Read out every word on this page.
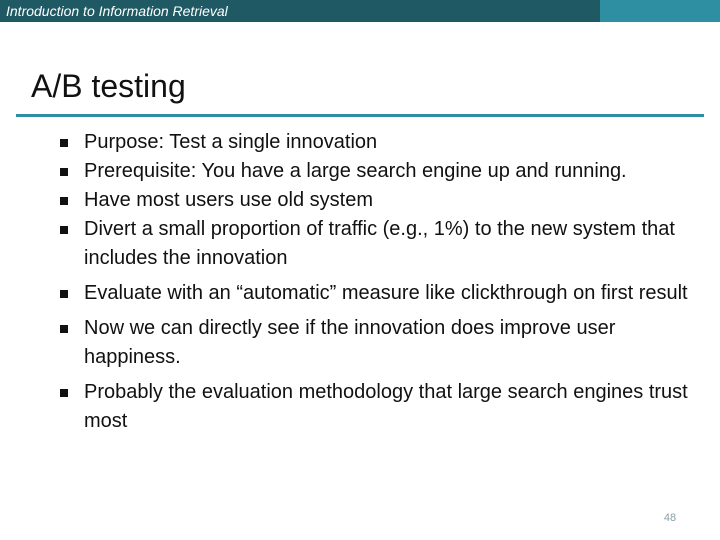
Introduction to Information Retrieval
A/B testing
Purpose: Test a single innovation
Prerequisite: You have a large search engine up and running.
Have most users use old system
Divert a small proportion of traffic (e.g., 1%) to the new system that includes the innovation
Evaluate with an “automatic” measure like clickthrough on first result
Now we can directly see if the innovation does improve user happiness.
Probably the evaluation methodology that large search engines trust most
48
